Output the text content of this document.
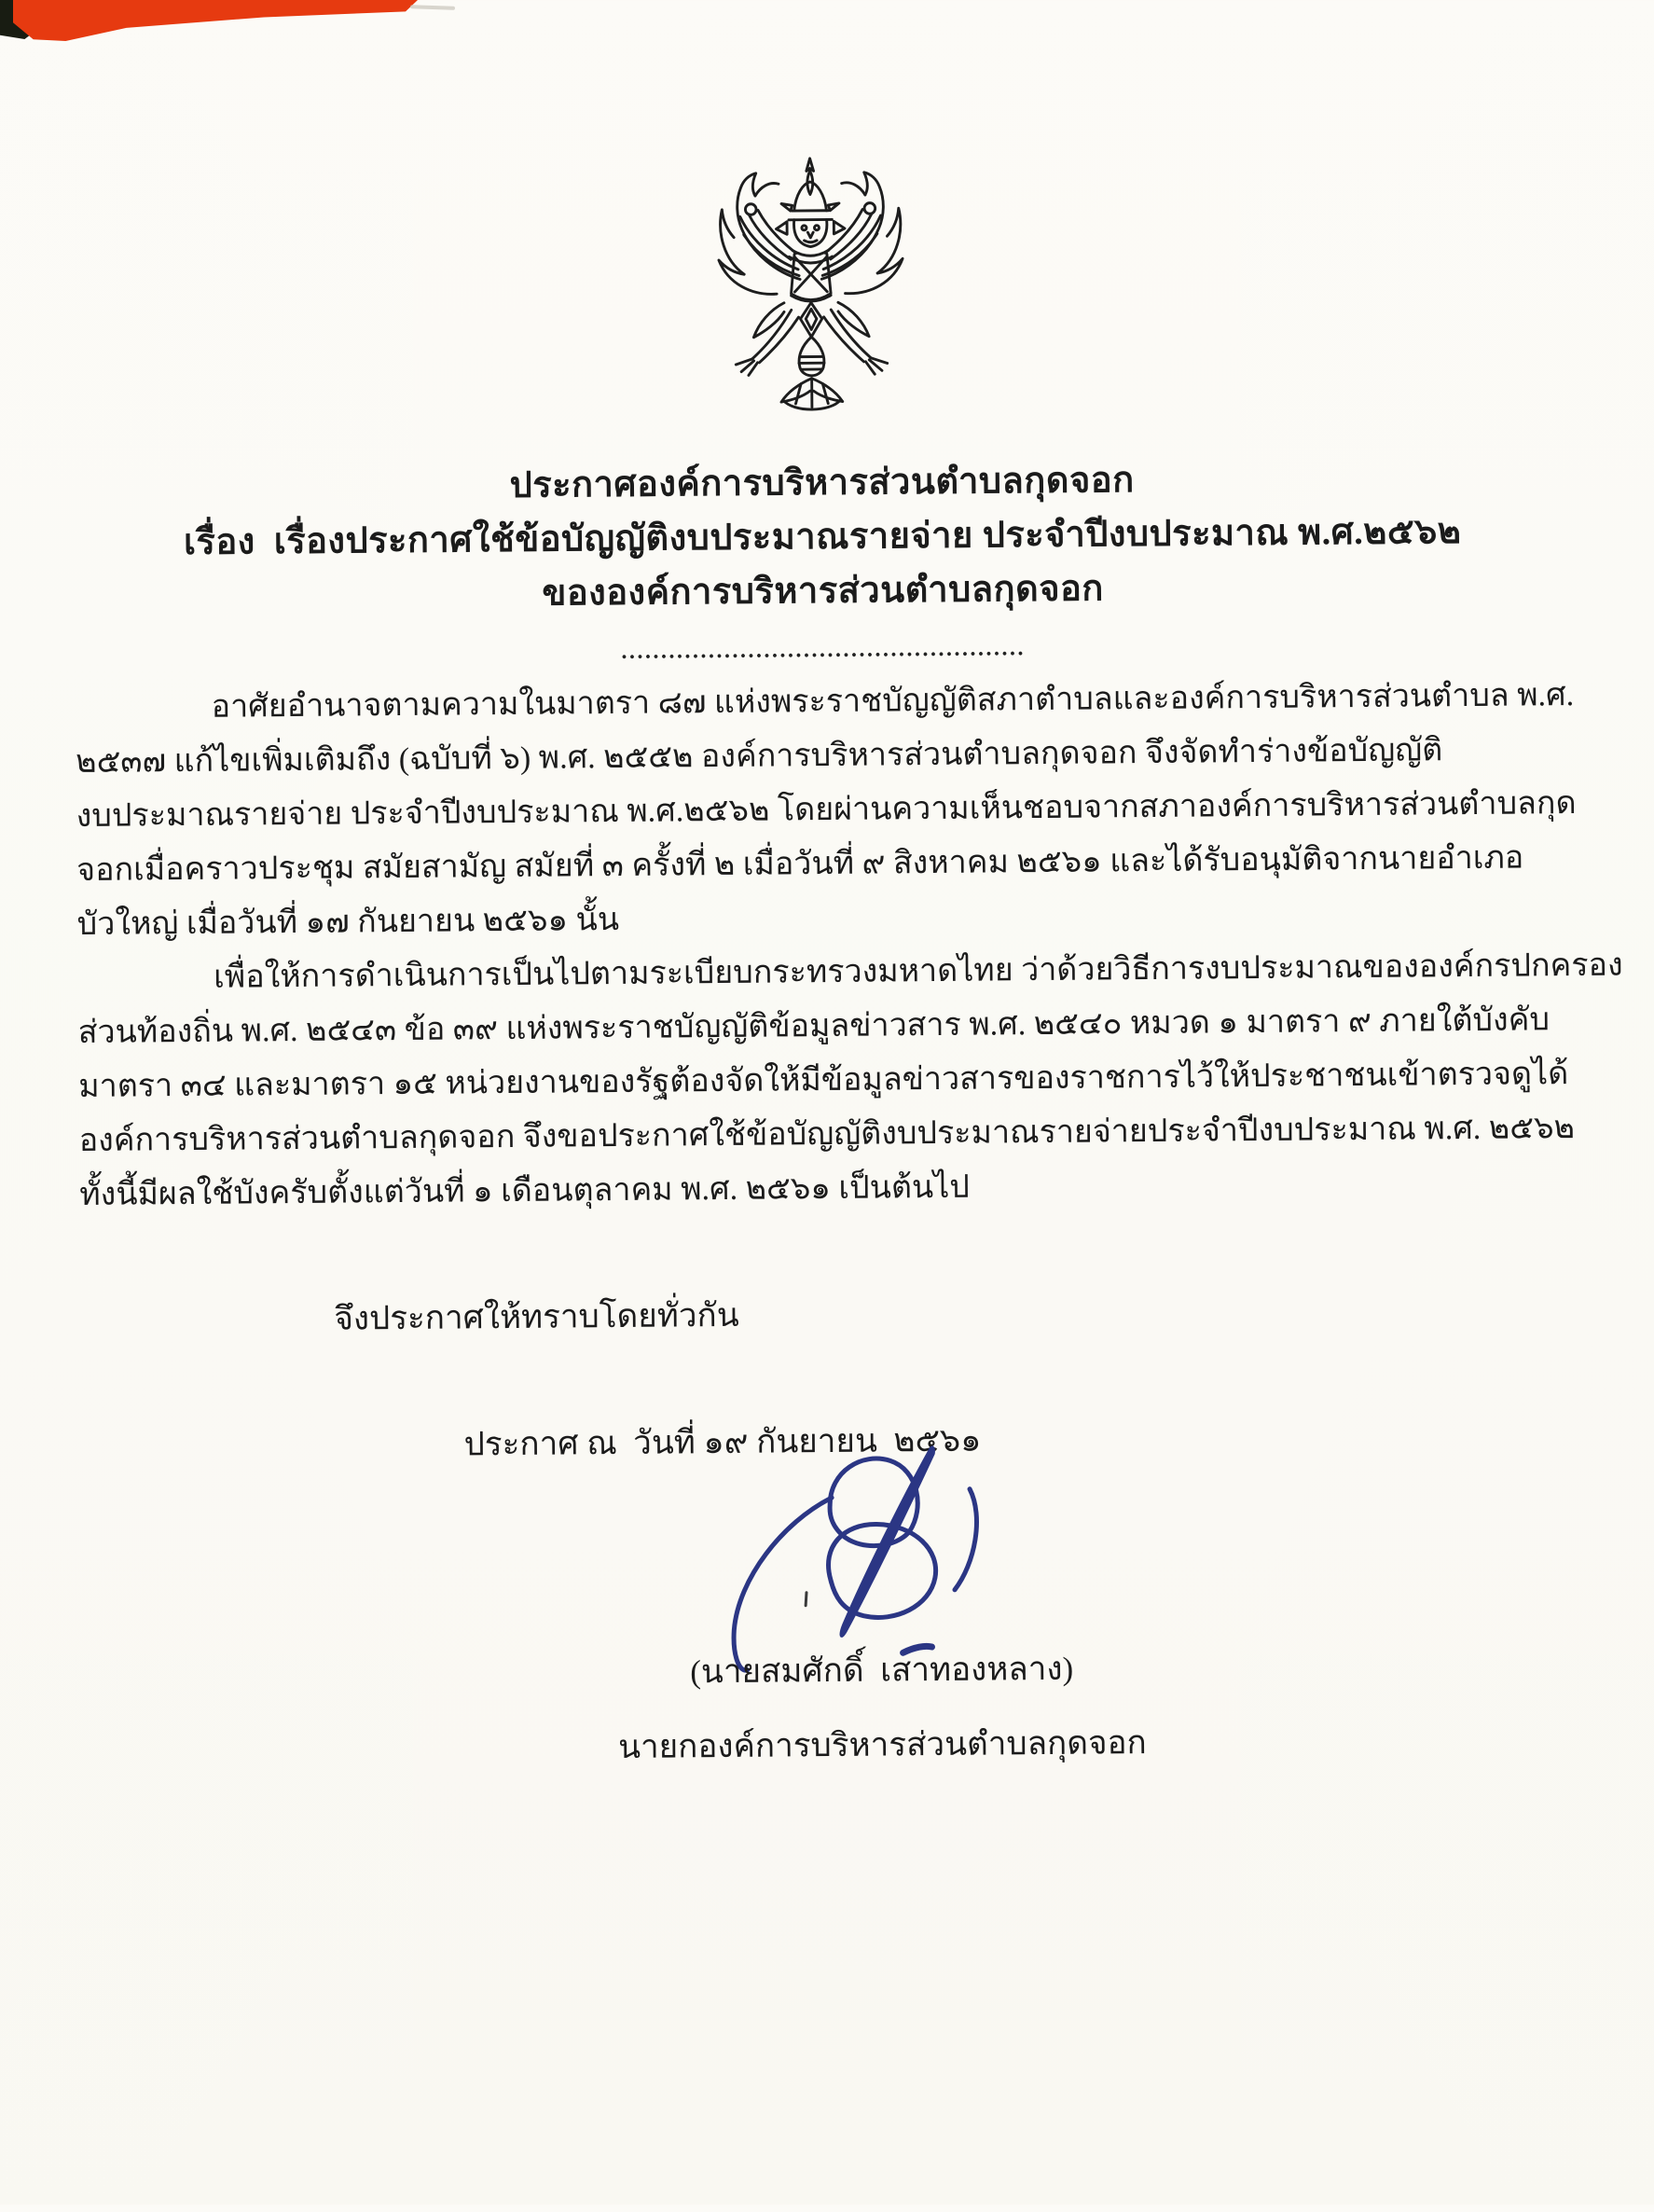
ประกาศองค์การบริหารส่วนตำบลกุดจอก
เรื่อง  เรื่องประกาศใช้ข้อบัญญัติงบประมาณรายจ่าย ประจำปีงบประมาณ พ.ศ.๒๕๖๒
ขององค์การบริหารส่วนตำบลกุดจอก
...................................................
อาศัยอำนาจตามความในมาตรา ๘๗ แห่งพระราชบัญญัติสภาตำบลและองค์การบริหารส่วนตำบล พ.ศ.
๒๕๓๗ แก้ไขเพิ่มเติมถึง (ฉบับที่ ๖) พ.ศ. ๒๕๕๒ องค์การบริหารส่วนตำบลกุดจอก จึงจัดทำร่างข้อบัญญัติ
งบประมาณรายจ่าย ประจำปีงบประมาณ พ.ศ.๒๕๖๒ โดยผ่านความเห็นชอบจากสภาองค์การบริหารส่วนตำบลกุด
จอกเมื่อคราวประชุม สมัยสามัญ สมัยที่ ๓ ครั้งที่ ๒ เมื่อวันที่ ๙ สิงหาคม ๒๕๖๑ และได้รับอนุมัติจากนายอำเภอ
บัวใหญ่ เมื่อวันที่ ๑๗ กันยายน ๒๕๖๑ นั้น
เพื่อให้การดำเนินการเป็นไปตามระเบียบกระทรวงมหาดไทย ว่าด้วยวิธีการงบประมาณขององค์กรปกครอง
ส่วนท้องถิ่น พ.ศ. ๒๕๔๓ ข้อ ๓๙ แห่งพระราชบัญญัติข้อมูลข่าวสาร พ.ศ. ๒๕๔๐ หมวด ๑ มาตรา ๙ ภายใต้บังคับ
มาตรา ๓๔ และมาตรา ๑๕ หน่วยงานของรัฐต้องจัดให้มีข้อมูลข่าวสารของราชการไว้ให้ประชาชนเข้าตรวจดูได้
องค์การบริหารส่วนตำบลกุดจอก จึงขอประกาศใช้ข้อบัญญัติงบประมาณรายจ่ายประจำปีงบประมาณ พ.ศ. ๒๕๖๒
ทั้งนี้มีผลใช้บังครับตั้งแต่วันที่ ๑ เดือนตุลาคม พ.ศ. ๒๕๖๑ เป็นต้นไป
จึงประกาศให้ทราบโดยทั่วกัน
ประกาศ ณ  วันที่ ๑๙ กันยายน  ๒๕๖๑
(นายสมศักดิ์  เสาทองหลาง)
นายกองค์การบริหารส่วนตำบลกุดจอก
